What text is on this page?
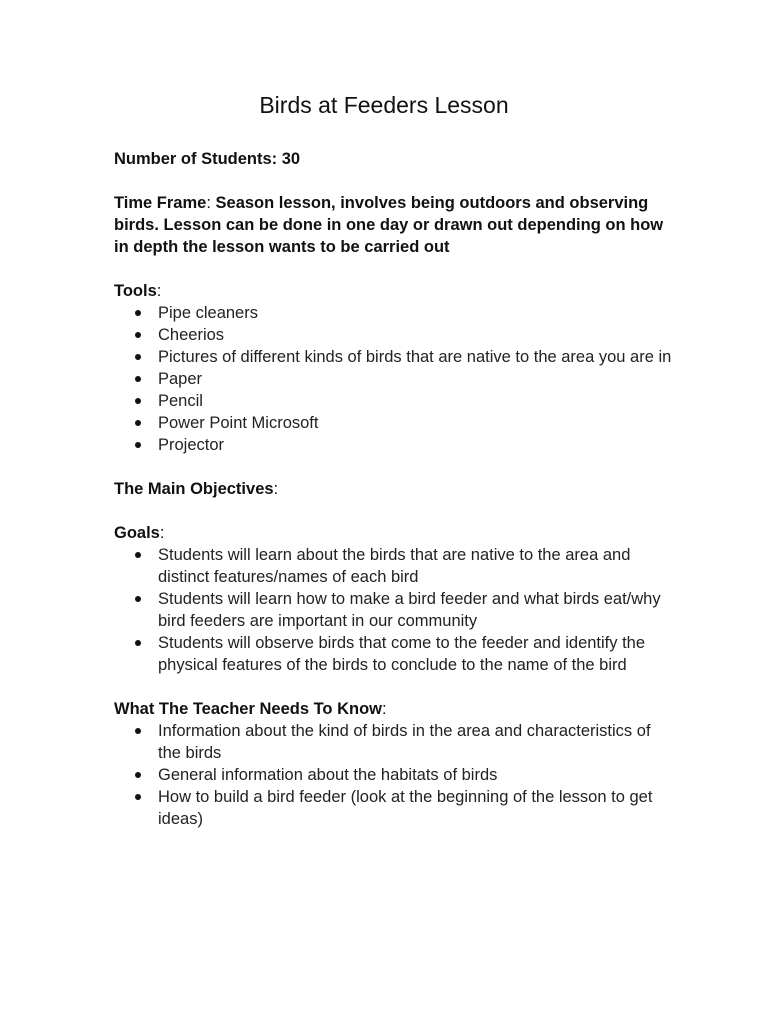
Birds at Feeders Lesson

Number of Students: 30

Time Frame: Season lesson, involves being outdoors and observing birds. Lesson can be done in one day or drawn out depending on how in depth the lesson wants to be carried out

Tools:

Pipe cleaners
Cheerios
Pictures of different kinds of birds that are native to the area you are in
Paper
Pencil
Power Point Microsoft
Projector

The Main Objectives:

Goals:

Students will learn about the birds that are native to the area and distinct features/names of each bird
Students will learn how to make a bird feeder and what birds eat/why bird feeders are important in our community
Students will observe birds that come to the feeder and identify the physical features of the birds to conclude to the name of the bird

What The Teacher Needs To Know:

Information about the kind of birds in the area and characteristics of the birds
General information about the habitats of birds
How to build a bird feeder (look at the beginning of the lesson to get ideas)
